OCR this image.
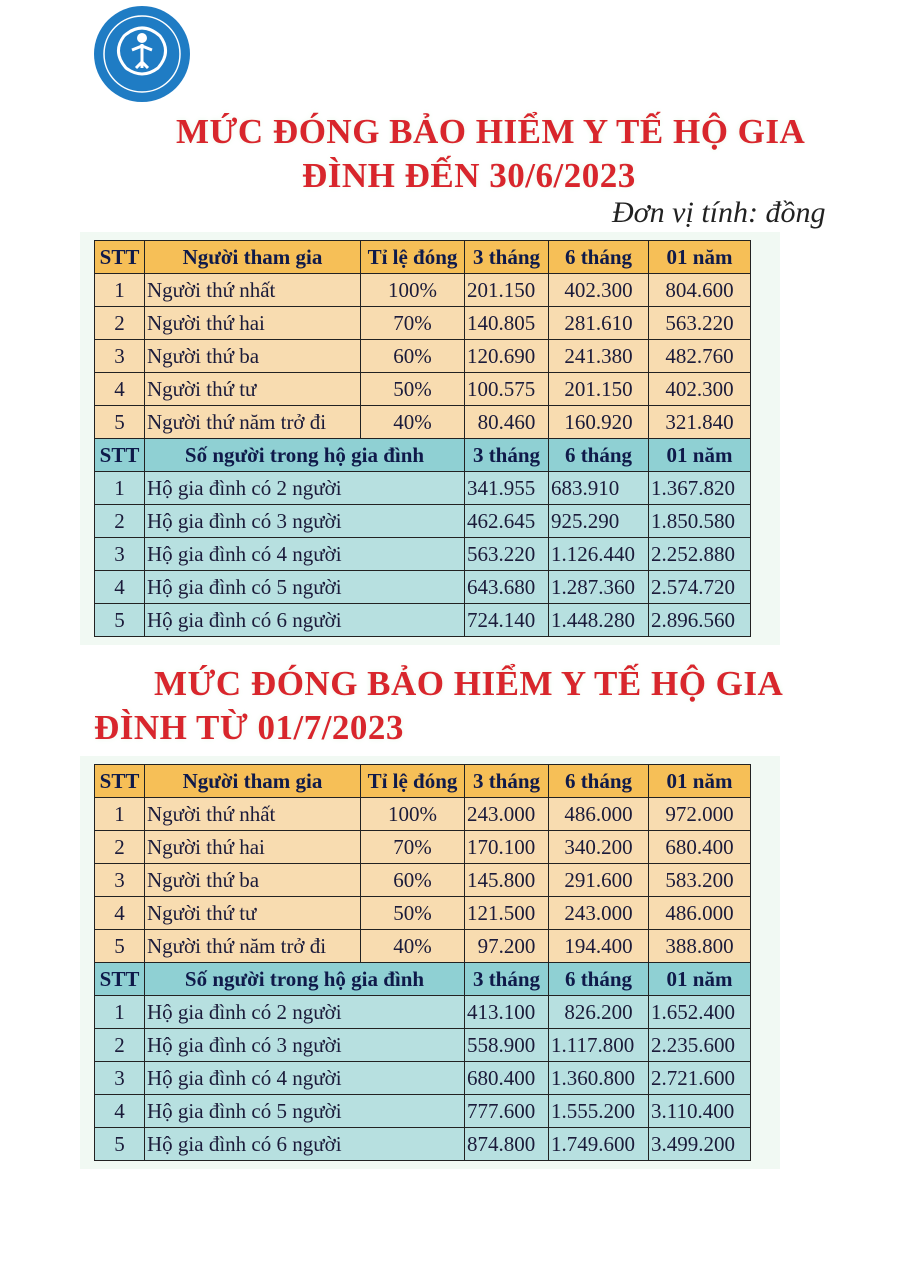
MỨC ĐÓNG BẢO HIỂM Y TẾ HỘ GIA
ĐÌNH ĐẾN 30/6/2023
Đơn vị tính: đồng
STT	Người tham gia	Tỉ lệ đóng	3 tháng	6 tháng	01 năm
1	Người thứ nhất	100%	201.150	402.300	804.600
2	Người thứ hai	70%	140.805	281.610	563.220
3	Người thứ ba	60%	120.690	241.380	482.760
4	Người thứ tư	50%	100.575	201.150	402.300
5	Người thứ năm trở đi	40%	80.460	160.920	321.840
STT	Số người trong hộ gia đình		3 tháng	6 tháng	01 năm
1	Hộ gia đình có 2 người		341.955	683.910	1.367.820
2	Hộ gia đình có 3 người		462.645	925.290	1.850.580
3	Hộ gia đình có 4 người		563.220	1.126.440	2.252.880
4	Hộ gia đình có 5 người		643.680	1.287.360	2.574.720
5	Hộ gia đình có 6 người		724.140	1.448.280	2.896.560
MỨC ĐÓNG BẢO HIỂM Y TẾ HỘ GIA
ĐÌNH TỪ 01/7/2023
STT	Người tham gia	Tỉ lệ đóng	3 tháng	6 tháng	01 năm
1	Người thứ nhất	100%	243.000	486.000	972.000
2	Người thứ hai	70%	170.100	340.200	680.400
3	Người thứ ba	60%	145.800	291.600	583.200
4	Người thứ tư	50%	121.500	243.000	486.000
5	Người thứ năm trở đi	40%	97.200	194.400	388.800
STT	Số người trong hộ gia đình		3 tháng	6 tháng	01 năm
1	Hộ gia đình có 2 người		413.100	826.200	1.652.400
2	Hộ gia đình có 3 người		558.900	1.117.800	2.235.600
3	Hộ gia đình có 4 người		680.400	1.360.800	2.721.600
4	Hộ gia đình có 5 người		777.600	1.555.200	3.110.400
5	Hộ gia đình có 6 người		874.800	1.749.600	3.499.200
